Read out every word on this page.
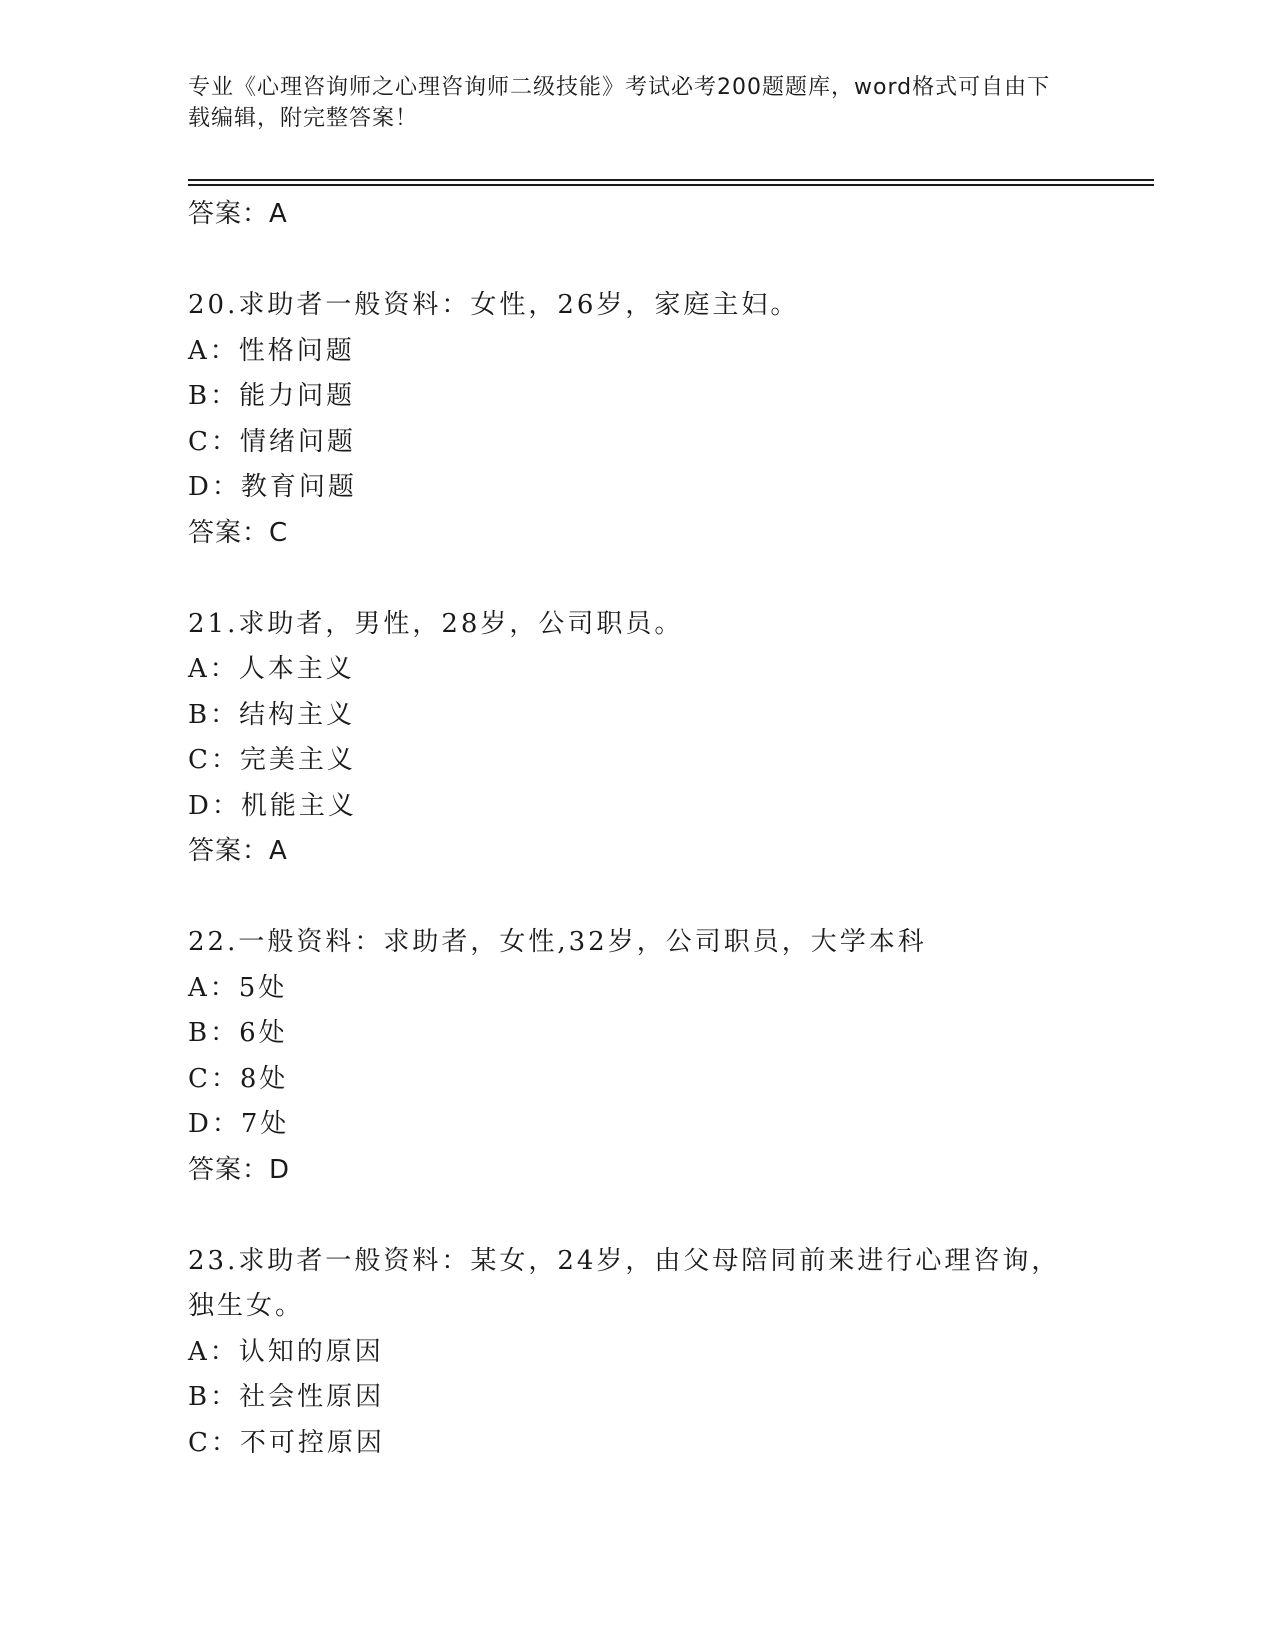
专业《心理咨询师之心理咨询师二级技能》考试必考200题题库，word格式可自由下载编辑，附完整答案！
答案：A
20.求助者一般资料：女性，26岁，家庭主妇。
A：性格问题
B：能力问题
C：情绪问题
D：教育问题
答案：C
21.求助者，男性，28岁，公司职员。
A：人本主义
B：结构主义
C：完美主义
D：机能主义
答案：A
22.一般资料：求助者，女性,32岁，公司职员，大学本科
A：5处
B：6处
C：8处
D：7处
答案：D
23.求助者一般资料：某女，24岁，由父母陪同前来进行心理咨询，独生女。
A：认知的原因
B：社会性原因
C：不可控原因
